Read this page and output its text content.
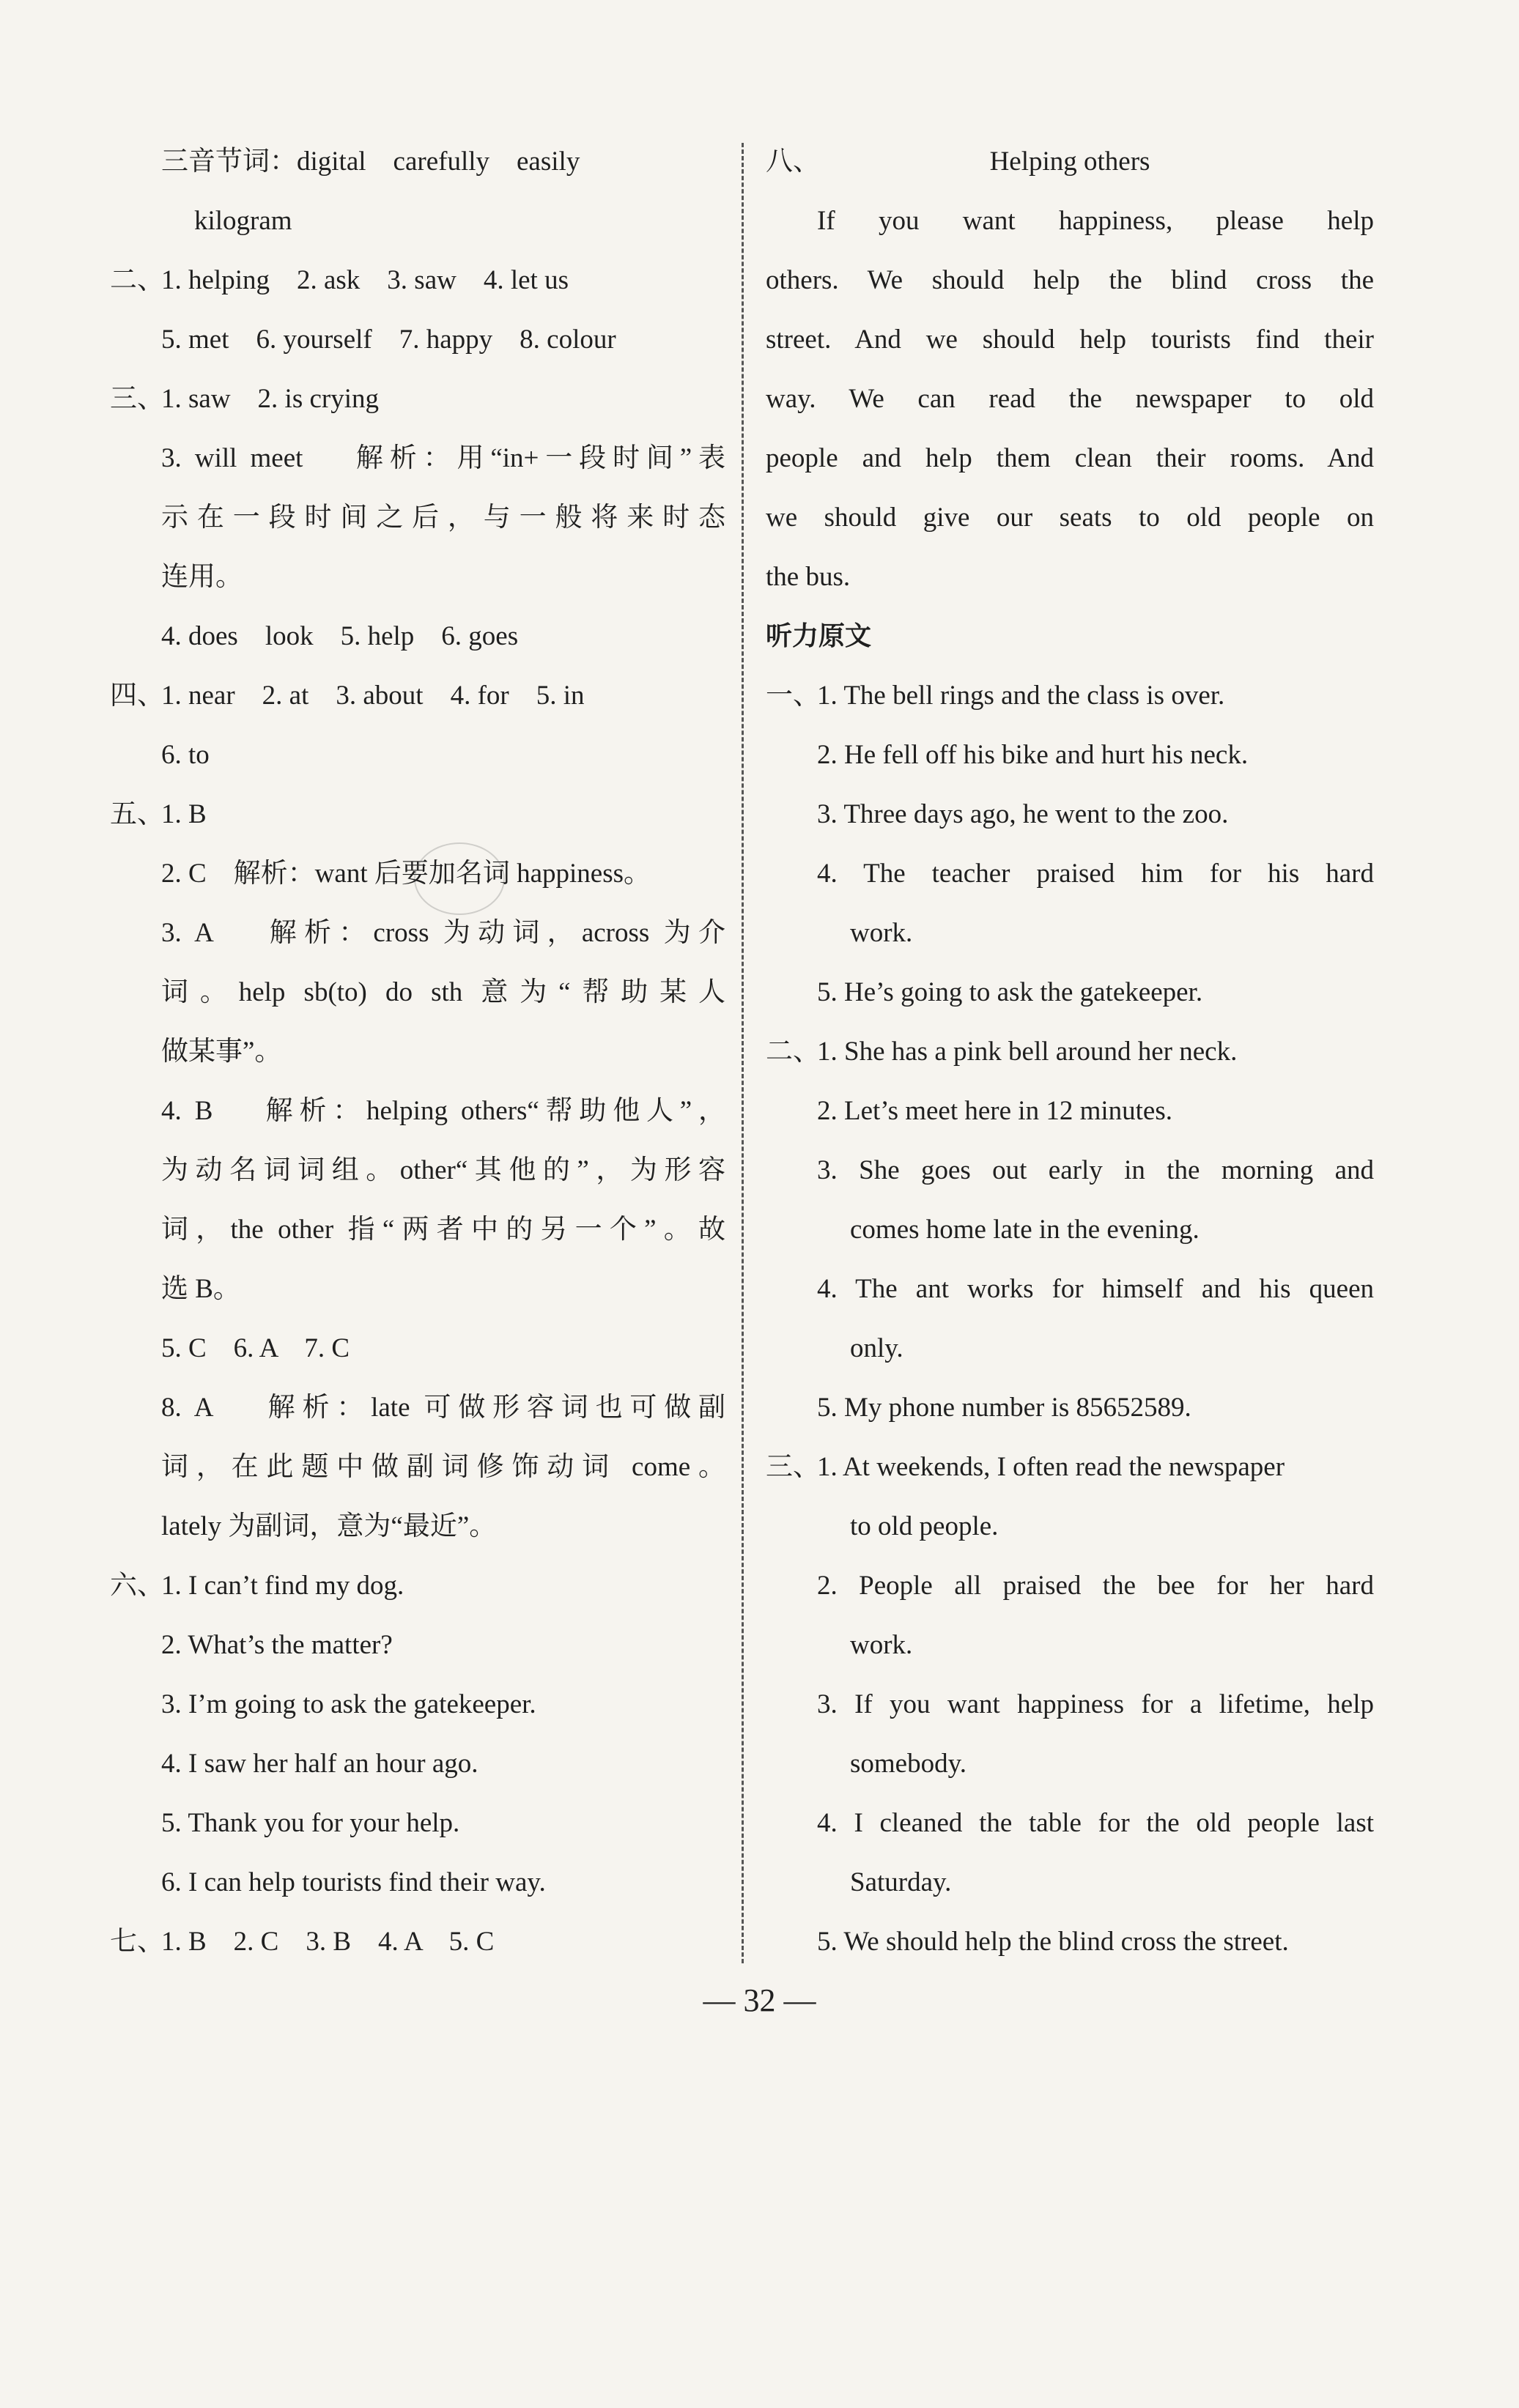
三音节词：digital    carefully    easily
kilogram
二、1. helping    2. ask    3. saw    4. let us
5. met    6. yourself    7. happy    8. colour
三、1. saw    2. is crying
3. will meet    解析：用“in+一段时间”表
示在一段时间之后，与一般将来时态
连用。
4. does    look    5. help    6. goes
四、1. near    2. at    3. about    4. for    5. in
6. to
五、1. B
2. C    解析：want 后要加名词 happiness。
3. A    解析：cross 为动词，across 为介
词。help sb(to) do sth 意为“帮助某人
做某事”。
4. B    解析：helping others“帮助他人”，
为动名词词组。other“其他的”，为形容
词，the other 指“两者中的另一个”。故
选 B。
5. C    6. A    7. C
8. A    解析：late 可做形容词也可做副
词，在此题中做副词修饰动词 come。
lately 为副词，意为“最近”。
六、1. I can’t find my dog.
2. What’s the matter?
3. I’m going to ask the gatekeeper.
4. I saw her half an hour ago.
5. Thank you for your help.
6. I can help tourists find their way.
七、1. B    2. C    3. B    4. A    5. C
八、	Helping others
If you want happiness, please help
others. We should help the blind cross the
street. And we should help tourists find their
way. We can read the newspaper to old
people and help them clean their rooms. And
we should give our seats to old people on
the bus.
听力原文
一、1. The bell rings and the class is over.
2. He fell off his bike and hurt his neck.
3. Three days ago, he went to the zoo.
4. The teacher praised him for his hard
work.
5. He’s going to ask the gatekeeper.
二、1. She has a pink bell around her neck.
2. Let’s meet here in 12 minutes.
3. She goes out early in the morning and
comes home late in the evening.
4. The ant works for himself and his queen
only.
5. My phone number is 85652589.
三、1. At weekends, I often read the newspaper
to old people.
2. People all praised the bee for her hard
work.
3. If you want happiness for a lifetime, help
somebody.
4. I cleaned the table for the old people last
Saturday.
5. We should help the blind cross the street.
— 32 —
